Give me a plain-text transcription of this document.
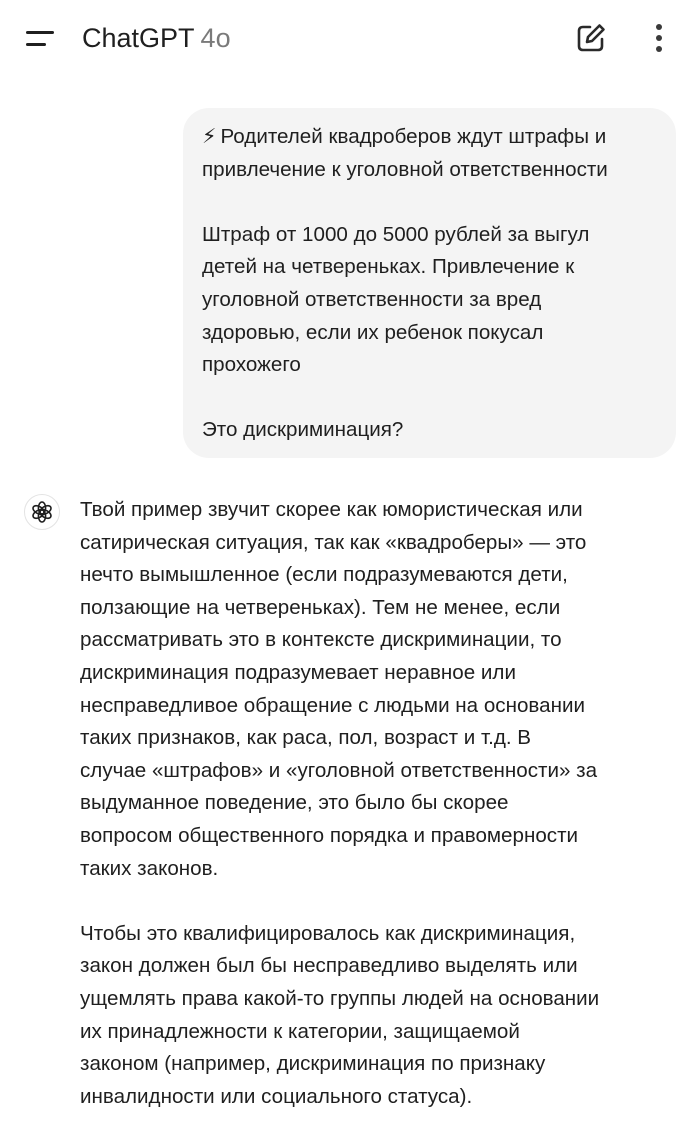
ChatGPT 4o

⚡ Родителей квадроберов ждут штрафы и

привлечение к уголовной ответственности

Штраф от 1000 до 5000 рублей за выгул

детей на четвереньках. Привлечение к

уголовной ответственности за вред

здоровью, если их ребенок покусал

прохожего

Это дискриминация?

Твой пример звучит скорее как юмористическая или

сатирическая ситуация, так как «квадроберы» — это

нечто вымышленное (если подразумеваются дети,

ползающие на четвереньках). Тем не менее, если

рассматривать это в контексте дискриминации, то

дискриминация подразумевает неравное или

несправедливое обращение с людьми на основании

таких признаков, как раса, пол, возраст и т.д. В

случае «штрафов» и «уголовной ответственности» за

выдуманное поведение, это было бы скорее

вопросом общественного порядка и правомерности

таких законов.

Чтобы это квалифицировалось как дискриминация,

закон должен был бы несправедливо выделять или

ущемлять права какой-то группы людей на основании

их принадлежности к категории, защищаемой

законом (например, дискриминация по признаку

инвалидности или социального статуса).
